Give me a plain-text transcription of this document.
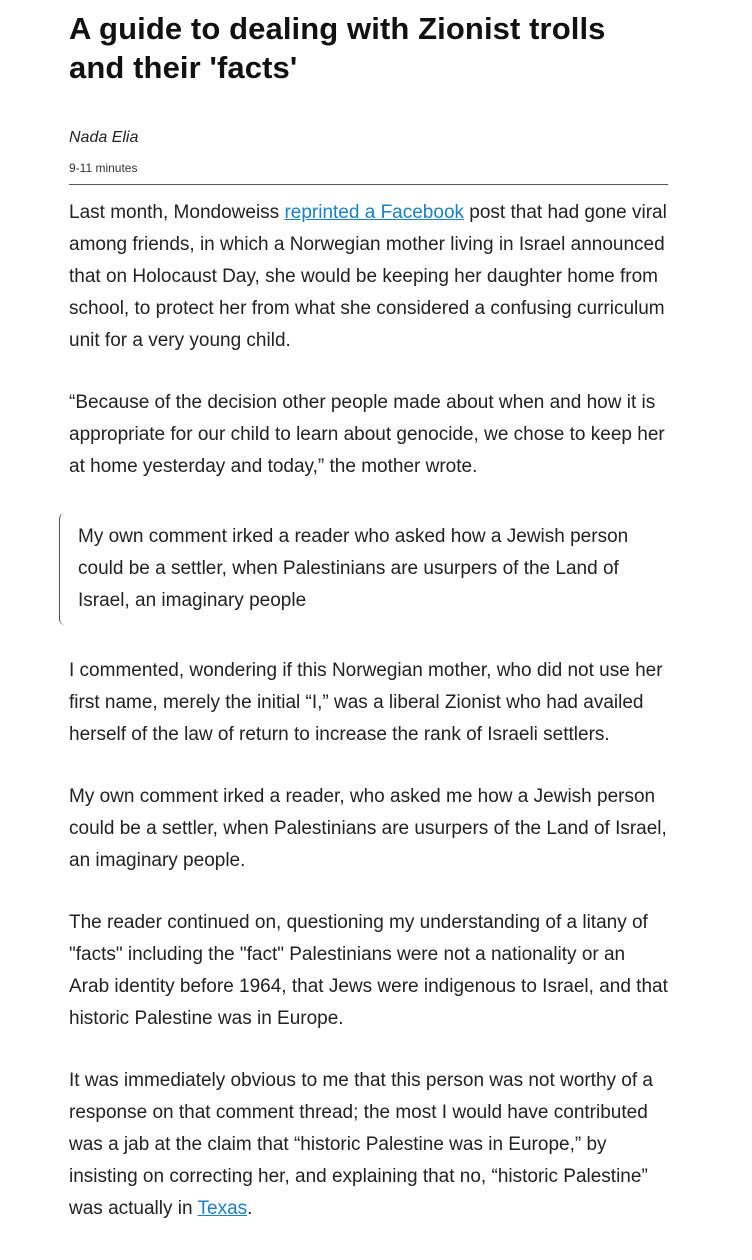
A guide to dealing with Zionist trolls and their 'facts'
Nada Elia
9-11 minutes

Last month, Mondoweiss reprinted a Facebook post that had gone viral among friends, in which a Norwegian mother living in Israel announced that on Holocaust Day, she would be keeping her daughter home from school, to protect her from what she considered a confusing curriculum unit for a very young child.

“Because of the decision other people made about when and how it is appropriate for our child to learn about genocide, we chose to keep her at home yesterday and today,” the mother wrote.

My own comment irked a reader who asked how a Jewish person could be a settler, when Palestinians are usurpers of the Land of Israel, an imaginary people

I commented, wondering if this Norwegian mother, who did not use her first name, merely the initial “I,” was a liberal Zionist who had availed herself of the law of return to increase the rank of Israeli settlers.

My own comment irked a reader, who asked me how a Jewish person could be a settler, when Palestinians are usurpers of the Land of Israel, an imaginary people.

The reader continued on, questioning my understanding of a litany of "facts" including the "fact" Palestinians were not a nationality or an Arab identity before 1964, that Jews were indigenous to Israel, and that historic Palestine was in Europe.

It was immediately obvious to me that this person was not worthy of a response on that comment thread; the most I would have contributed was a jab at the claim that “historic Palestine was in Europe,” by insisting on correcting her, and explaining that no, “historic Palestine” was actually in Texas.
